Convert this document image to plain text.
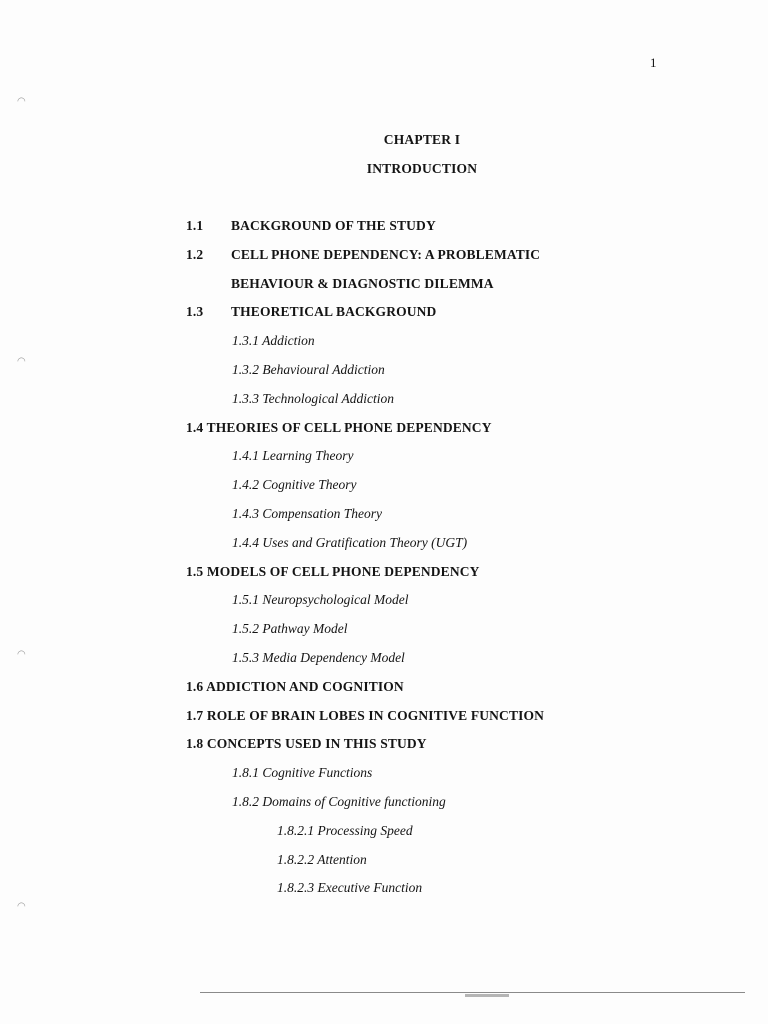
◠
◠
◠
◠
1
CHAPTER I
INTRODUCTION
1.1	BACKGROUND OF THE STUDY
1.2	CELL PHONE DEPENDENCY: A PROBLEMATIC
BEHAVIOUR & DIAGNOSTIC DILEMMA
1.3	THEORETICAL BACKGROUND
1.3.1 Addiction
1.3.2 Behavioural Addiction
1.3.3 Technological Addiction
1.4 THEORIES OF CELL PHONE DEPENDENCY
1.4.1 Learning Theory
1.4.2 Cognitive Theory
1.4.3 Compensation Theory
1.4.4 Uses and Gratification Theory (UGT)
1.5 MODELS OF CELL PHONE DEPENDENCY
1.5.1 Neuropsychological Model
1.5.2 Pathway Model
1.5.3 Media Dependency Model
1.6 ADDICTION AND COGNITION
1.7 ROLE OF BRAIN LOBES IN COGNITIVE FUNCTION
1.8 CONCEPTS USED IN THIS STUDY
1.8.1 Cognitive Functions
1.8.2 Domains of Cognitive functioning
1.8.2.1 Processing Speed
1.8.2.2 Attention
1.8.2.3 Executive Function
